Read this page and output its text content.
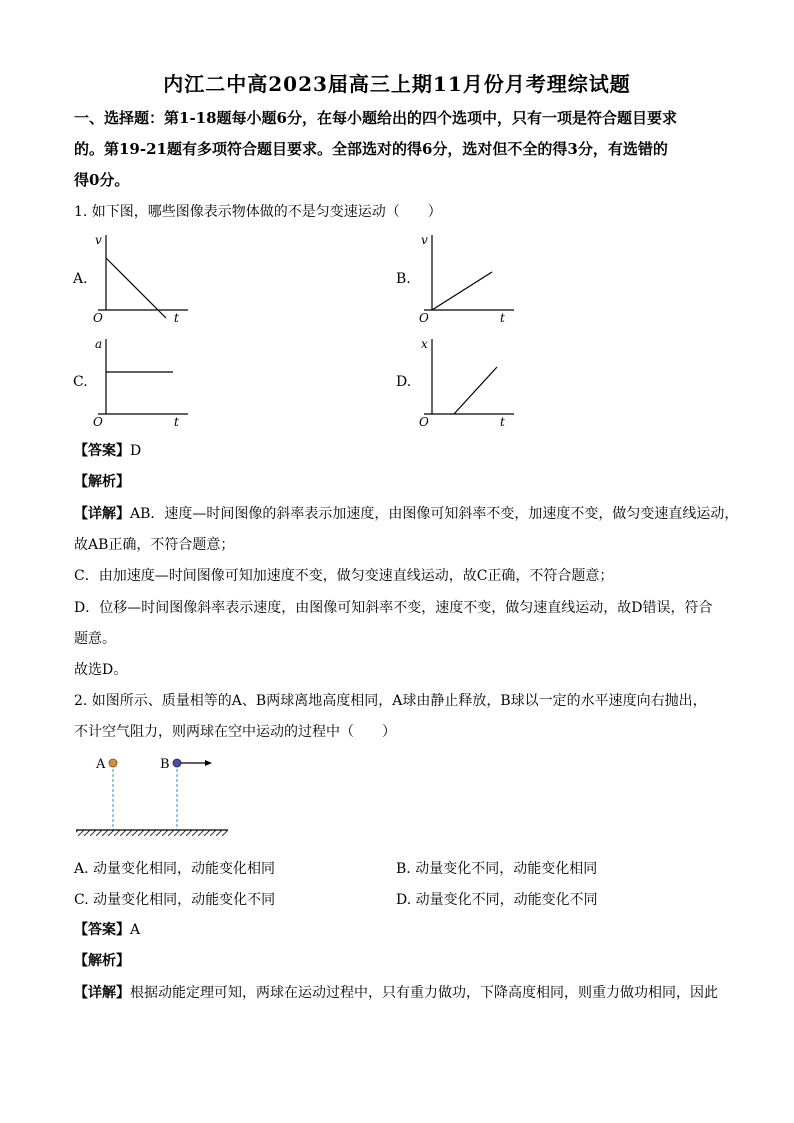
内江二中高2023届高三上期11月份月考理综试题
一、选择题：第1-18题每小题6分，在每小题给出的四个选项中，只有一项是符合题目要求
的。第19-21题有多项符合题目要求。全部选对的得6分，选对但不全的得3分，有选错的
得0分。
1. 如下图，哪些图像表示物体做的不是匀变速运动（　　）
A.
v
t
O
B.
v
t
O
C.
a
t
O
D.
x
t
O
【答案】D
【解析】
【详解】AB．速度—时间图像的斜率表示加速度，由图像可知斜率不变，加速度不变，做匀变速直线运动，
故AB正确，不符合题意；
C．由加速度—时间图像可知加速度不变，做匀变速直线运动，故C正确，不符合题意；
D．位移—时间图像斜率表示速度，由图像可知斜率不变，速度不变，做匀速直线运动，故D错误，符合
题意。
故选D。
2. 如图所示、质量相等的A、B两球离地高度相同，A球由静止释放，B球以一定的水平速度向右抛出，
不计空气阻力，则两球在空中运动的过程中（　　）
A	B
A. 动量变化相同，动能变化相同	B. 动量变化不同，动能变化相同
C. 动量变化相同，动能变化不同	D. 动量变化不同，动能变化不同
【答案】A
【解析】
【详解】根据动能定理可知，两球在运动过程中，只有重力做功，下降高度相同，则重力做功相同，因此
